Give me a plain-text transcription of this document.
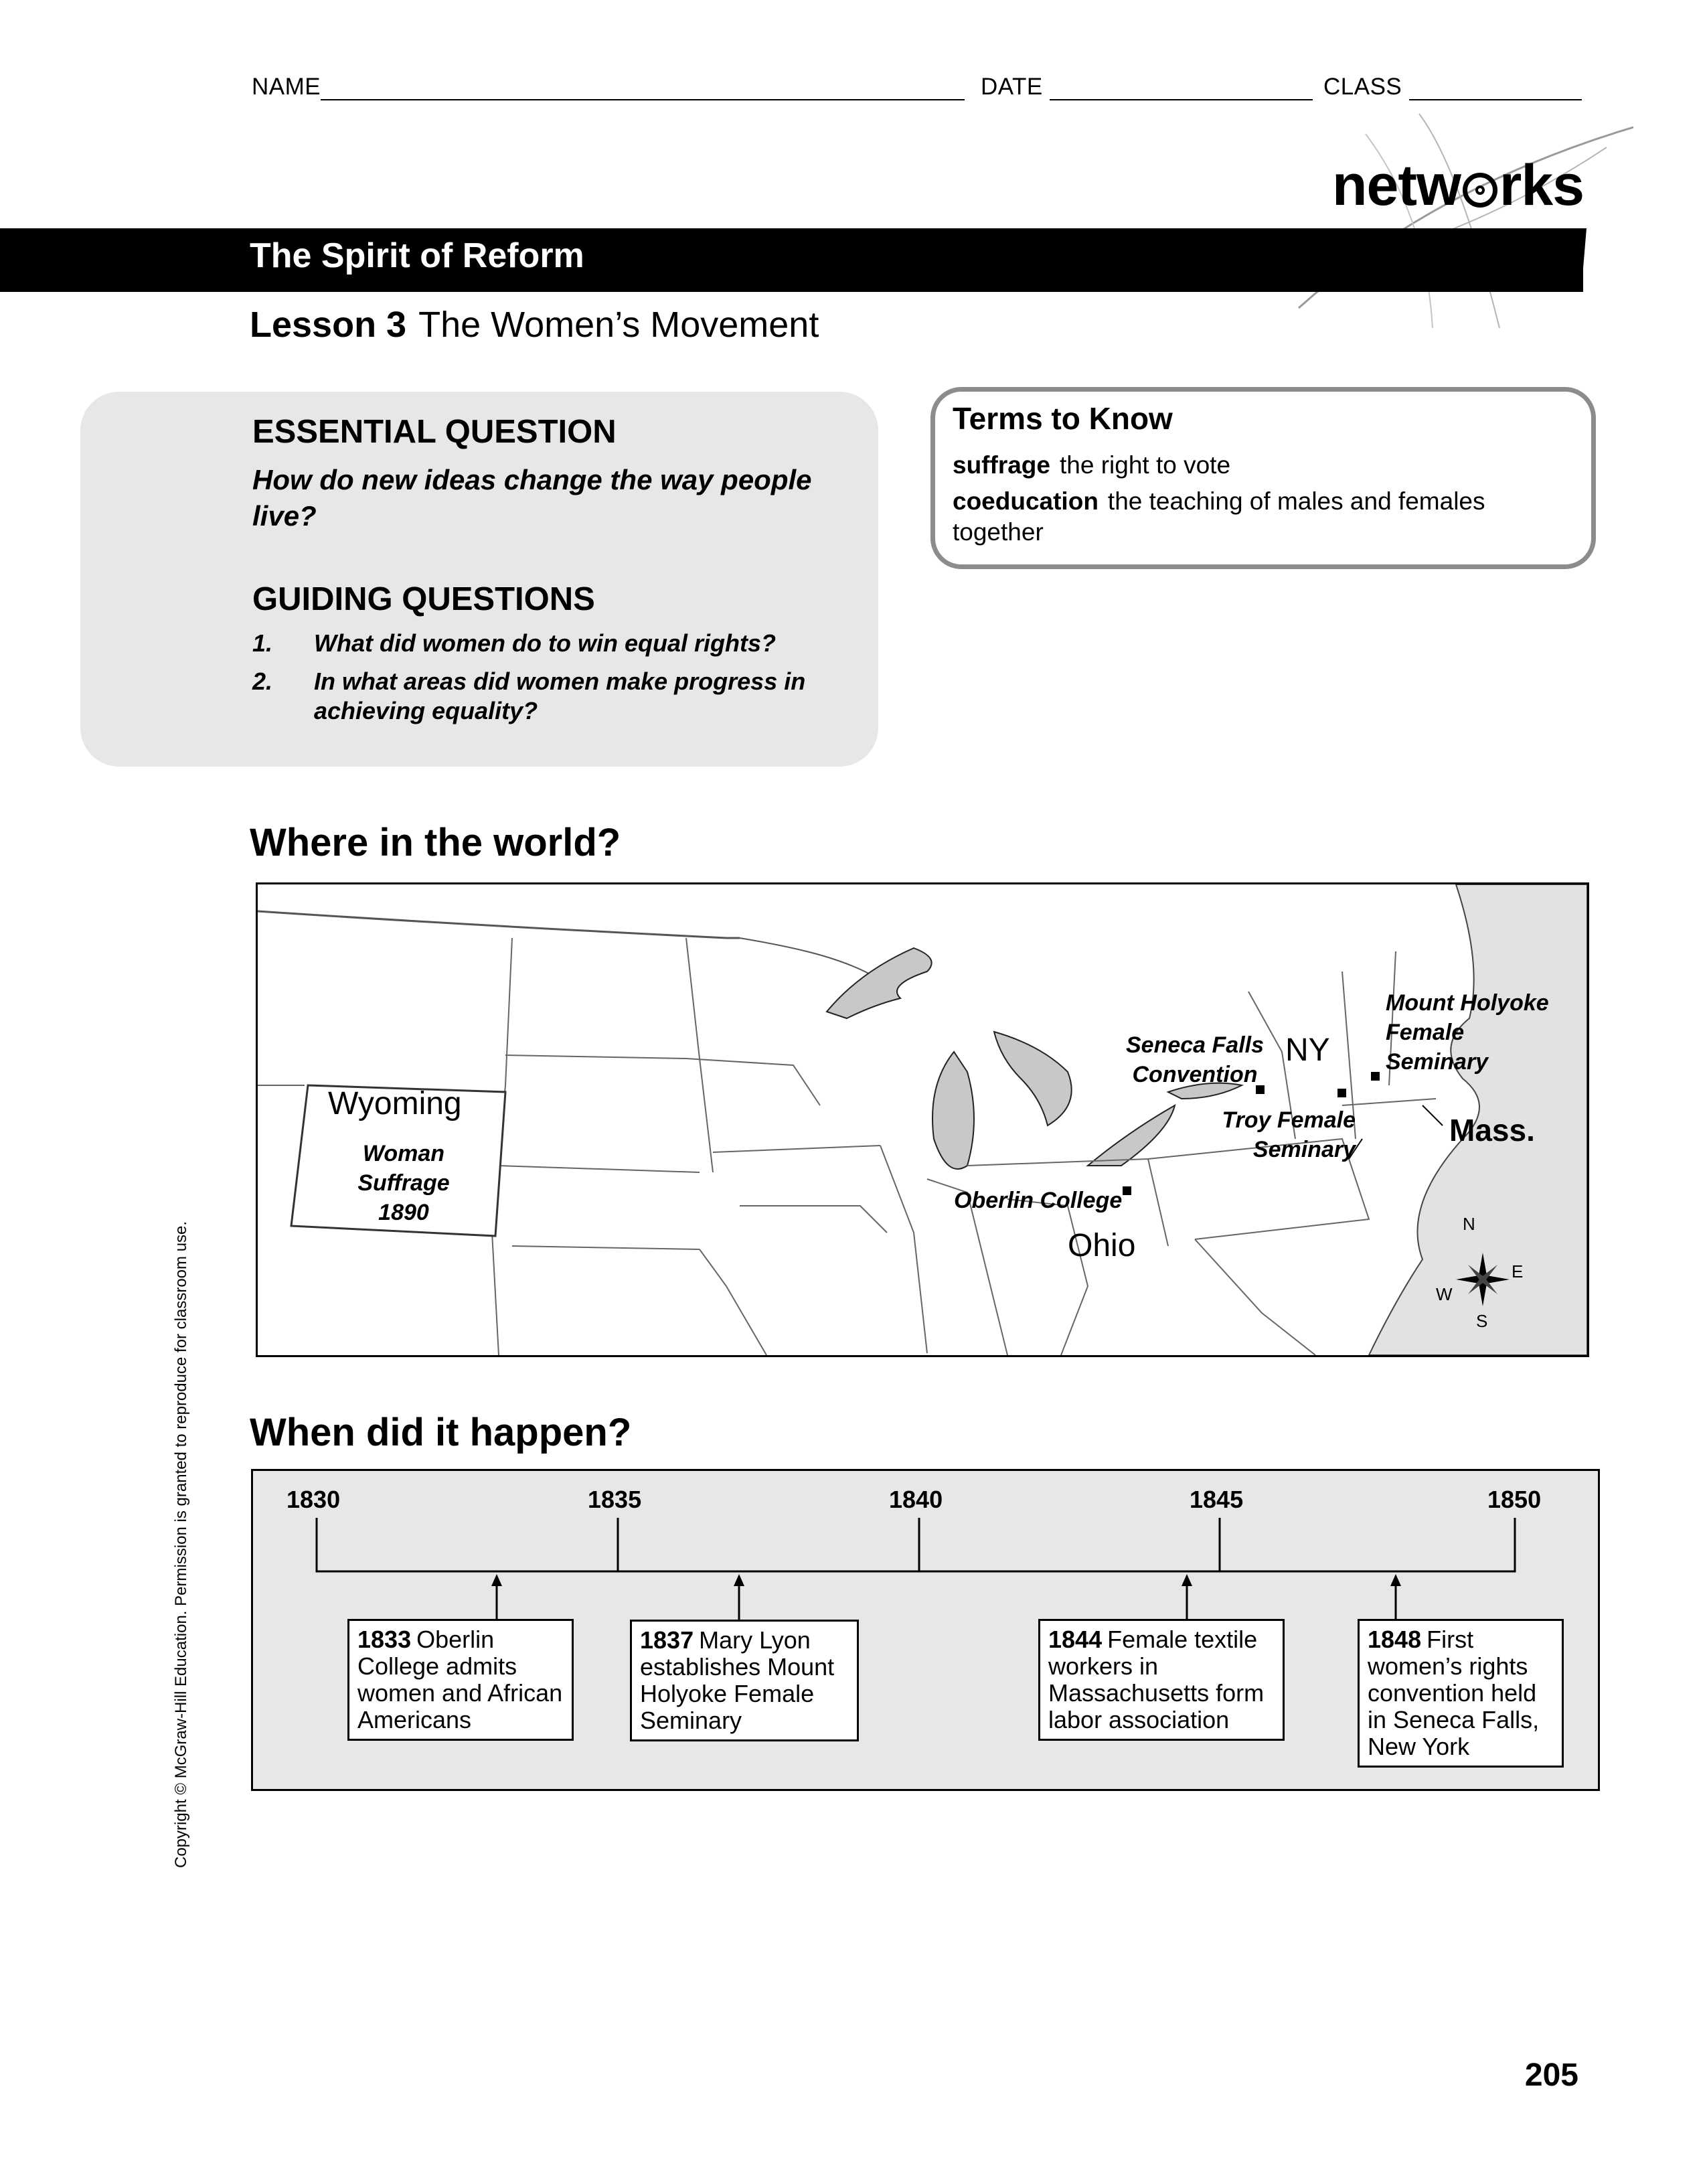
NAME	DATE	CLASS
netw rks
The Spirit of Reform
Lesson 3 The Women’s Movement
ESSENTIAL QUESTION
How do new ideas change the way people live?
GUIDING QUESTIONS
1. What did women do to win equal rights?
2. In what areas did women make progress in achieving equality?
Terms to Know
suffrage the right to vote
coeducation the teaching of males and females together
Where in the world?
Wyoming
Woman
Suffrage
1890
Seneca Falls
Convention
NY
Troy Female
Seminary
Mount Holyoke
Female
Seminary
Mass.
Oberlin College
Ohio
N
S
E
W
When did it happen?
1830	1835	1840	1845	1850
1833 Oberlin College admits women and African Americans
1837 Mary Lyon establishes Mount Holyoke Female Seminary
1844 Female textile workers in Massachusetts form labor association
1848 First women’s rights convention held in Seneca Falls, New York
Copyright © McGraw-Hill Education. Permission is granted to reproduce for classroom use.
205
